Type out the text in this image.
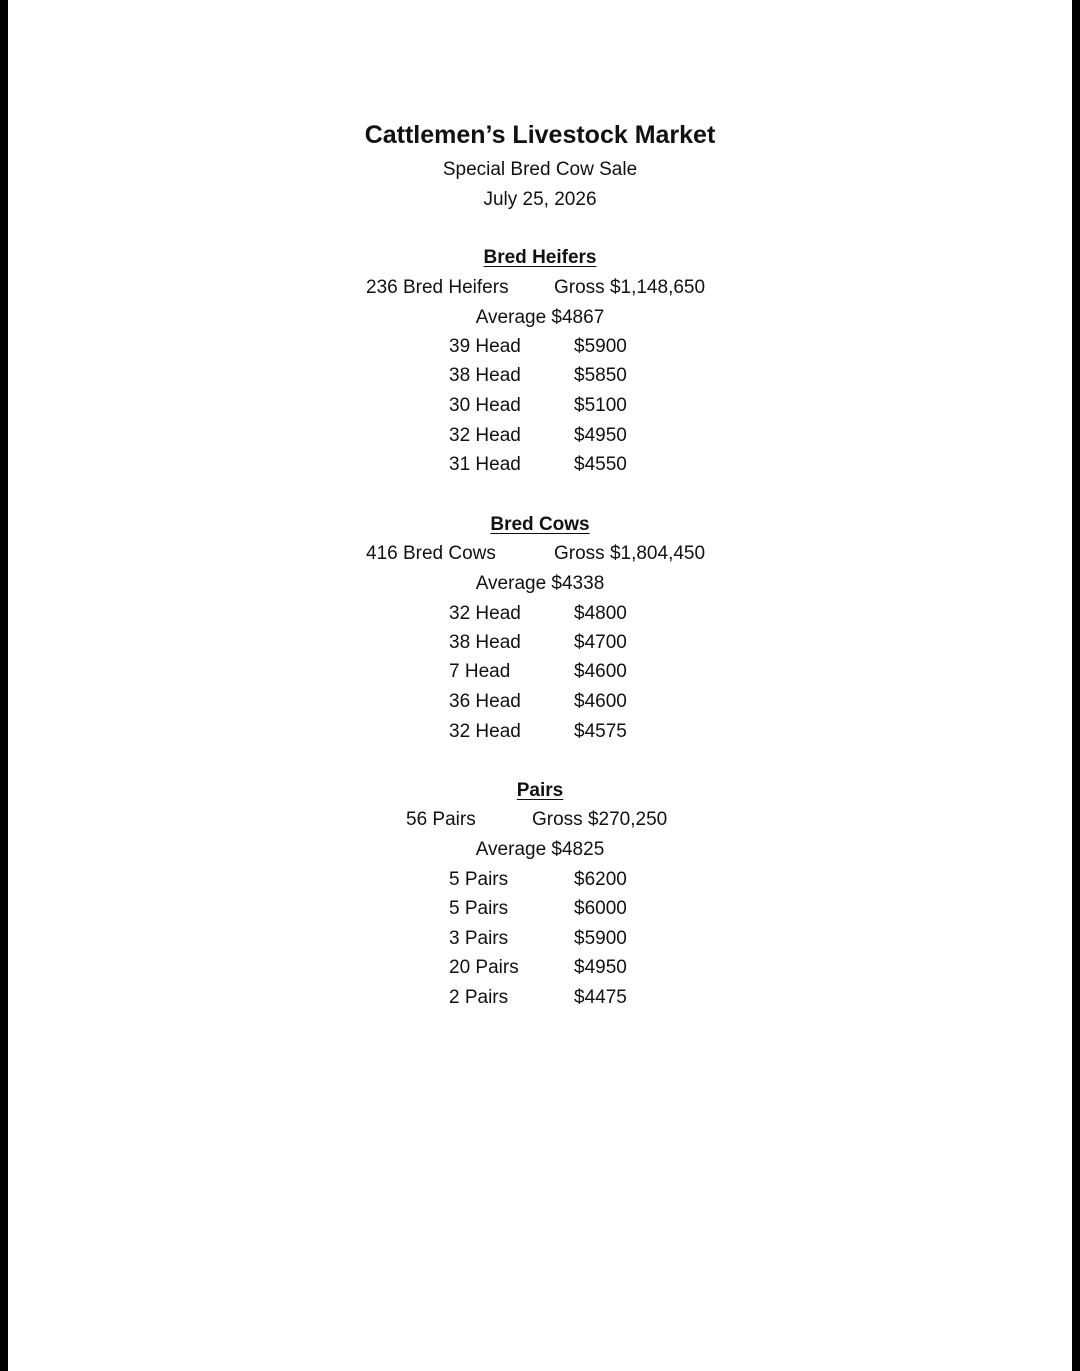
Cattlemen’s Livestock Market
Special Bred Cow Sale
July 25, 2026
Bred Heifers
236 Bred Heifers Gross $1,148,650
Average $4867
39 Head	$5900
38 Head	$5850
30 Head	$5100
32 Head	$4950
31 Head	$4550
Bred Cows
416 Bred Cows	Gross $1,804,450
Average $4338
32 Head	$4800
38 Head	$4700
7 Head	$4600
36 Head	$4600
32 Head	$4575
Pairs
56 Pairs	Gross $270,250
Average $4825
5 Pairs	$6200
5 Pairs	$6000
3 Pairs	$5900
20 Pairs	$4950
2 Pairs	$4475
